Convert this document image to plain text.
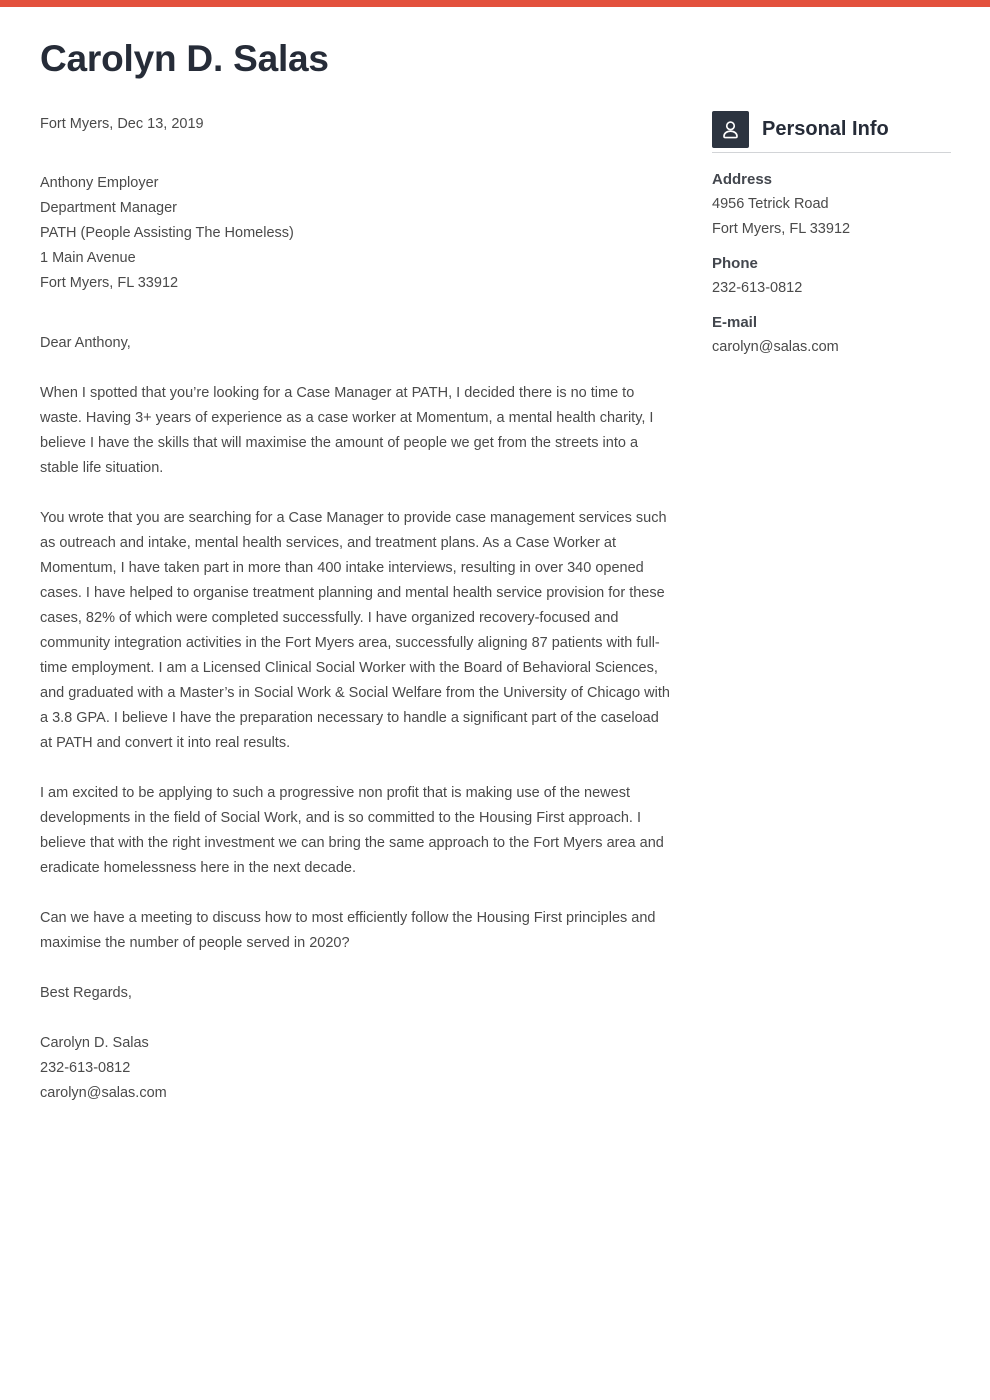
Carolyn D. Salas
Fort Myers, Dec 13, 2019
Anthony Employer
Department Manager
PATH (People Assisting The Homeless)
1 Main Avenue
Fort Myers, FL 33912
Dear Anthony,

When I spotted that you’re looking for a Case Manager at PATH, I decided there is no time to waste. Having 3+ years of experience as a case worker at Momentum, a mental health charity, I believe I have the skills that will maximise the amount of people we get from the streets into a stable life situation.

You wrote that you are searching for a Case Manager to provide case management services such as outreach and intake, mental health services, and treatment plans. As a Case Worker at Momentum, I have taken part in more than 400 intake interviews, resulting in over 340 opened cases. I have helped to organise treatment planning and mental health service provision for these cases, 82% of which were completed successfully. I have organized recovery-focused and community integration activities in the Fort Myers area, successfully aligning 87 patients with full-time employment. I am a Licensed Clinical Social Worker with the Board of Behavioral Sciences, and graduated with a Master’s in Social Work & Social Welfare from the University of Chicago with a 3.8 GPA. I believe I have the preparation necessary to handle a significant part of the caseload at PATH and convert it into real results.

I am excited to be applying to such a progressive non profit that is making use of the newest developments in the field of Social Work, and is so committed to the Housing First approach. I believe that with the right investment we can bring the same approach to the Fort Myers area and eradicate homelessness here in the next decade.

Can we have a meeting to discuss how to most efficiently follow the Housing First principles and maximise the number of people served in 2020?

Best Regards,

Carolyn D. Salas
232-613-0812
carolyn@salas.com
Personal Info
Address
4956 Tetrick Road
Fort Myers, FL 33912
Phone
232-613-0812
E-mail
carolyn@salas.com
